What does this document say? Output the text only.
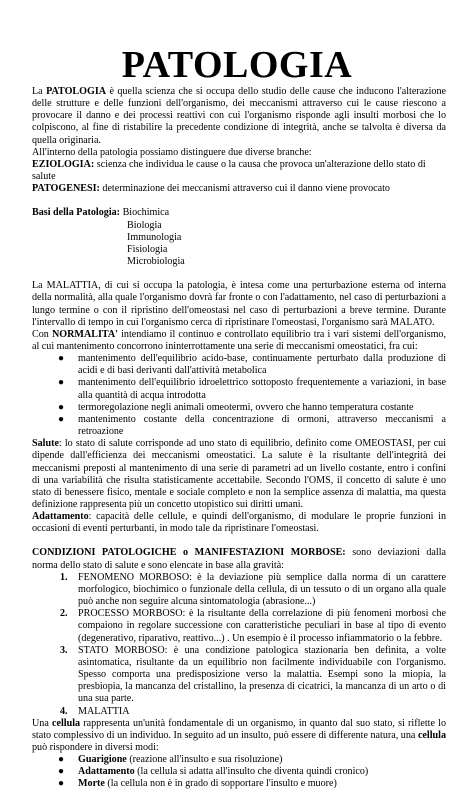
PATOLOGIA

La PATOLOGIA è quella scienza che si occupa dello studio delle cause che inducono l'alterazione delle strutture e delle funzioni dell'organismo, dei meccanismi attraverso cui le cause riescono a provocare il danno e dei processi reattivi con cui l'organismo risponde agli insulti morbosi che lo colpiscono, al fine di ristabilire la precedente condizione di integrità, anche se talvolta è diversa da quella originaria.

All'interno della patologia possiamo distinguere due diverse branche:

EZIOLOGIA: scienza che individua le cause o la causa che provoca un'alterazione dello stato di salute

PATOGENESI: determinazione dei meccanismi attraverso cui il danno viene provocato

Basi della Patologia: Biochimica

Biologia
Immunologia
Fisiologia
Microbiologia

La MALATTIA, di cui si occupa la patologia, è intesa come una perturbazione esterna od interna della normalità, alla quale l'organismo dovrà far fronte o con l'adattamento, nel caso di perturbazioni a lungo termine o con il ripristino dell'omeostasi nel caso di perturbazioni a breve termine. Durante l'intervallo di tempo in cui l'organismo cerca di ripristinare l'omeostasi, l'organismo sarà MALATO.

Con NORMALITA' intendiamo il continuo e controllato equilibrio tra i vari sistemi dell'organismo, al cui mantenimento concorrono ininterrottamente una serie di meccanismi omeostatici, fra cui:

● mantenimento dell'equilibrio acido-base, continuamente perturbato dalla produzione di acidi e di basi derivanti dall'attività metabolica
● mantenimento dell'equilibrio idroelettrico sottoposto frequentemente a variazioni, in base alla quantità di acqua introdotta
● termoregolazione negli animali omeotermi, ovvero che hanno temperatura costante
● mantenimento costante della concentrazione di ormoni, attraverso meccanismi a retroazione

Salute: lo stato di salute corrisponde ad uno stato di equilibrio, definito come OMEOSTASI, per cui dipende dall'efficienza dei meccanismi omeostatici. La salute è la risultante dell'integrità dei meccanismi preposti al mantenimento di una serie di parametri ad un livello costante, entro i confini di una variabilità che risulta statisticamente accettabile. Secondo l'OMS, il concetto di salute è uno stato di benessere fisico, mentale e sociale completo e non la semplice assenza di malattia, ma questa definizione rappresenta più un concetto utopistico sui diritti umani.

Adattamento: capacità delle cellule, e quindi dell'organismo, di modulare le proprie funzioni in occasioni di eventi perturbanti, in modo tale da ripristinare l'omeostasi.

CONDIZIONI PATOLOGICHE o MANIFESTAZIONI MORBOSE: sono deviazioni dalla norma dello stato di salute e sono elencate in base alla gravità:

1. FENOMENO MORBOSO: è la deviazione più semplice dalla norma di un carattere morfologico, biochimico o funzionale della cellula, di un tessuto o di un organo alla quale può anche non seguire alcuna sintomatologia (abrasione...)
2. PROCESSO MORBOSO: è la risultante della correlazione di più fenomeni morbosi che compaiono in regolare successione con caratteristiche peculiari in base al tipo di evento (degenerativo, riparativo, reattivo...) . Un esempio è il processo infiammatorio o la febbre.
3. STATO MORBOSO: è una condizione patologica stazionaria ben definita, a volte asintomatica, risultante da un equilibrio non facilmente individuabile con l'organismo. Spesso comporta una predisposizione verso la malattia. Esempi sono la miopia, la presbiopia, la mancanza del cristallino, la presenza di cicatrici, la mancanza di un arto o di una sua parte.
4. MALATTIA

Una cellula rappresenta un'unità fondamentale di un organismo, in quanto dal suo stato, si riflette lo stato complessivo di un individuo. In seguito ad un insulto, può essere di differente natura, una cellula può rispondere in diversi modi:

● Guarigione (reazione all'insulto e sua risoluzione)
● Adattamento (la cellula si adatta all'insulto che diventa quindi cronico)
● Morte (la cellula non è in grado di sopportare l'insulto e muore)
